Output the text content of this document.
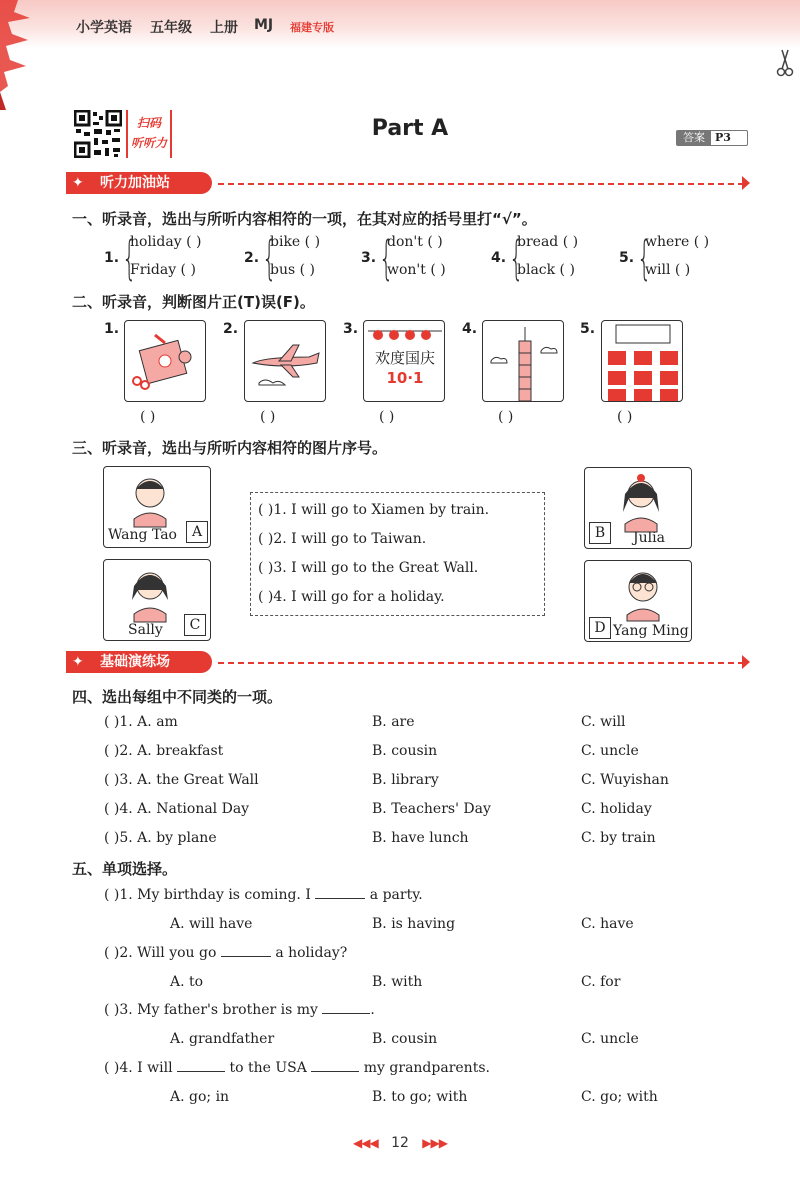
小学英语 五年级 上册 MJ 福建专版
扫码
听听力
Part A	答案 P3
听力加油站
✦
一、听录音，选出与所听内容相符的一项，在其对应的括号里打“√”。
1. {
holiday ( )
Friday ( )
2. {
bike ( )
bus ( )
3. {
don't ( )
won't ( )
4. {
bread ( )
black ( )
5. {
where ( )
will ( )
二、听录音，判断图片正(T)误(F)。
1.	2.	3.
欢度国庆
10·1
4.	5.
( )	( )	( )	( )	( )
三、听录音，选出与所听内容相符的图片序号。
Wang Tao	A
Sally	C
( )1. I will go to Xiamen by train.
( )2. I will go to Taiwan.
( )3. I will go to the Great Wall.
( )4. I will go for a holiday.
B	Julia
D Yang Ming
基础演练场
✦
四、选出每组中不同类的一项。
( )1. A. am	B. are	C. will
( )2. A. breakfast	B. cousin	C. uncle
( )3. A. the Great Wall	B. library	C. Wuyishan
( )4. A. National Day	B. Teachers' Day	C. holiday
( )5. A. by plane	B. have lunch	C. by train
五、单项选择。
( )1. My birthday is coming. I	a party.
A. will have	B. is having	C. have
( )2. Will you go	a holiday?
A. to	B. with	C. for
( )3. My father's brother is my	.
A. grandfather	B. cousin	C. uncle
( )4. I will	to the USA	my grandparents.
A. go; in	B. to go; with	C. go; with
◀◀◀ 12 ▶▶▶
